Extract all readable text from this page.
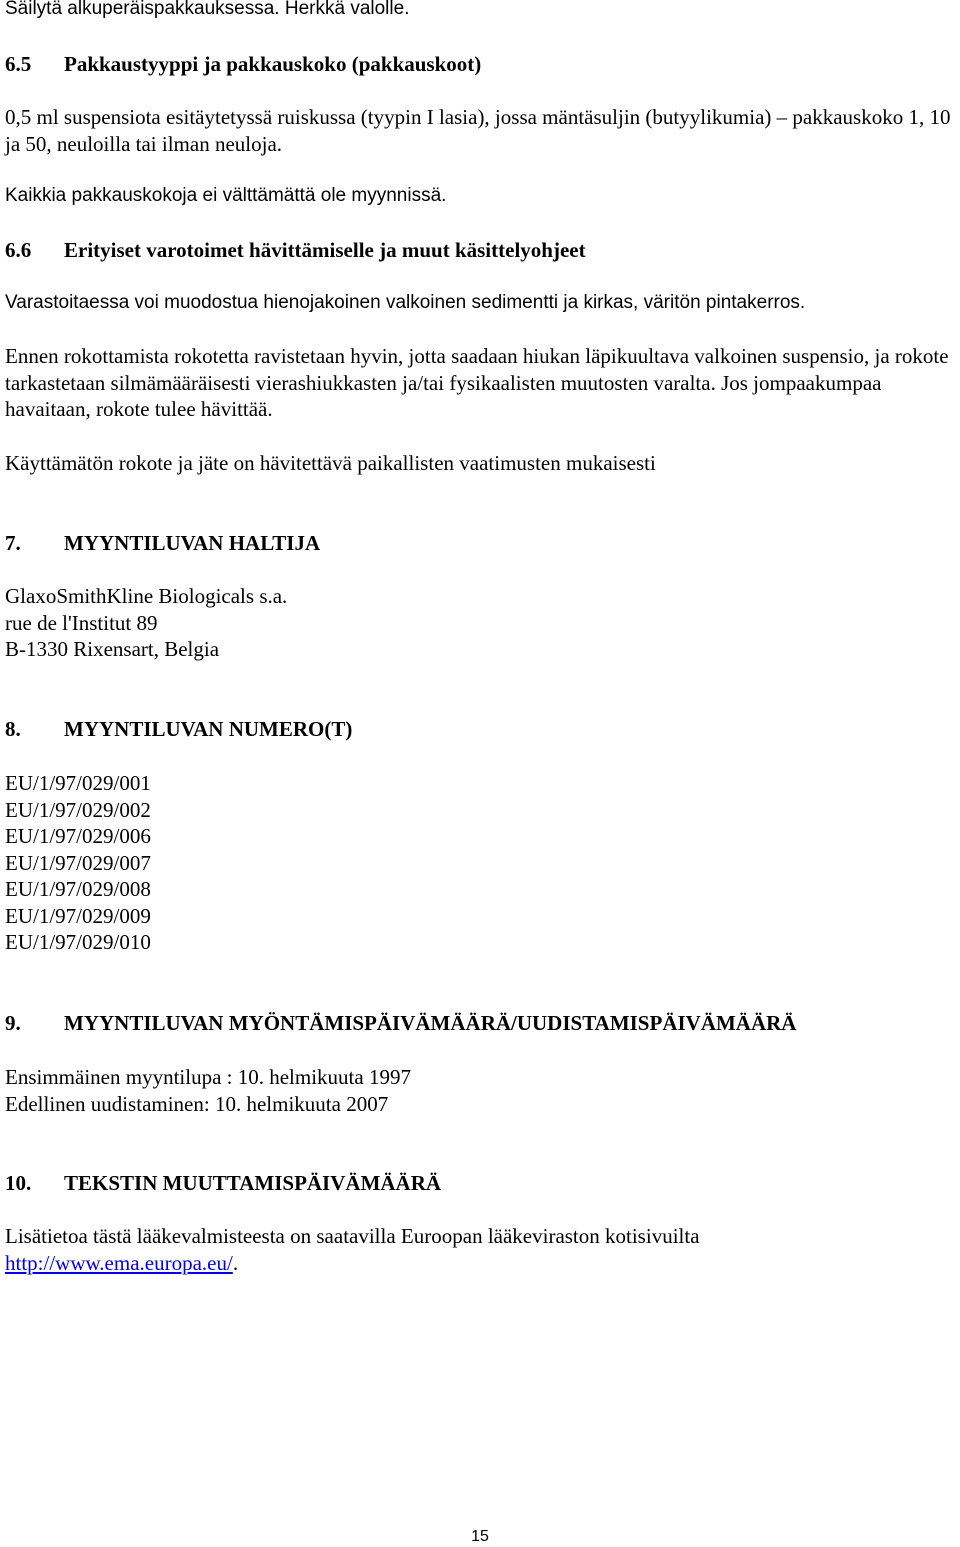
Säilytä alkuperäispakkauksessa. Herkkä valolle.

6.5 Pakkaustyyppi ja pakkauskoko (pakkauskoot)

0,5 ml suspensiota esitäytetyssä ruiskussa (tyypin I lasia), jossa mäntäsuljin (butyylikumia) – pakkauskoko 1, 10 ja 50, neuloilla tai ilman neuloja.

Kaikkia pakkauskokoja ei välttämättä ole myynnissä.

6.6 Erityiset varotoimet hävittämiselle ja muut käsittelyohjeet

Varastoitaessa voi muodostua hienojakoinen valkoinen sedimentti ja kirkas, väritön pintakerros.

Ennen rokottamista rokotetta ravistetaan hyvin, jotta saadaan hiukan läpikuultava valkoinen suspensio, ja rokote tarkastetaan silmämääräisesti vierashiukkasten ja/tai fysikaalisten muutosten varalta. Jos jompaakumpaa havaitaan, rokote tulee hävittää.

Käyttämätön rokote ja jäte on hävitettävä paikallisten vaatimusten mukaisesti

7. MYYNTILUVAN HALTIJA
GlaxoSmithKline Biologicals s.a.
rue de l'Institut 89
B-1330 Rixensart, Belgia
8. MYYNTILUVAN NUMERO(T)
EU/1/97/029/001
EU/1/97/029/002
EU/1/97/029/006
EU/1/97/029/007
EU/1/97/029/008
EU/1/97/029/009
EU/1/97/029/010
9. MYYNTILUVAN MYÖNTÄMISPÄIVÄMÄÄRÄ/UUDISTAMISPÄIVÄMÄÄRÄ
Ensimmäinen myyntilupa : 10. helmikuuta 1997
Edellinen uudistaminen: 10. helmikuuta 2007
10. TEKSTIN MUUTTAMISPÄIVÄMÄÄRÄ
Lisätietoa tästä lääkevalmisteesta on saatavilla Euroopan lääkeviraston kotisivuilta
http://www.ema.europa.eu/.
15
